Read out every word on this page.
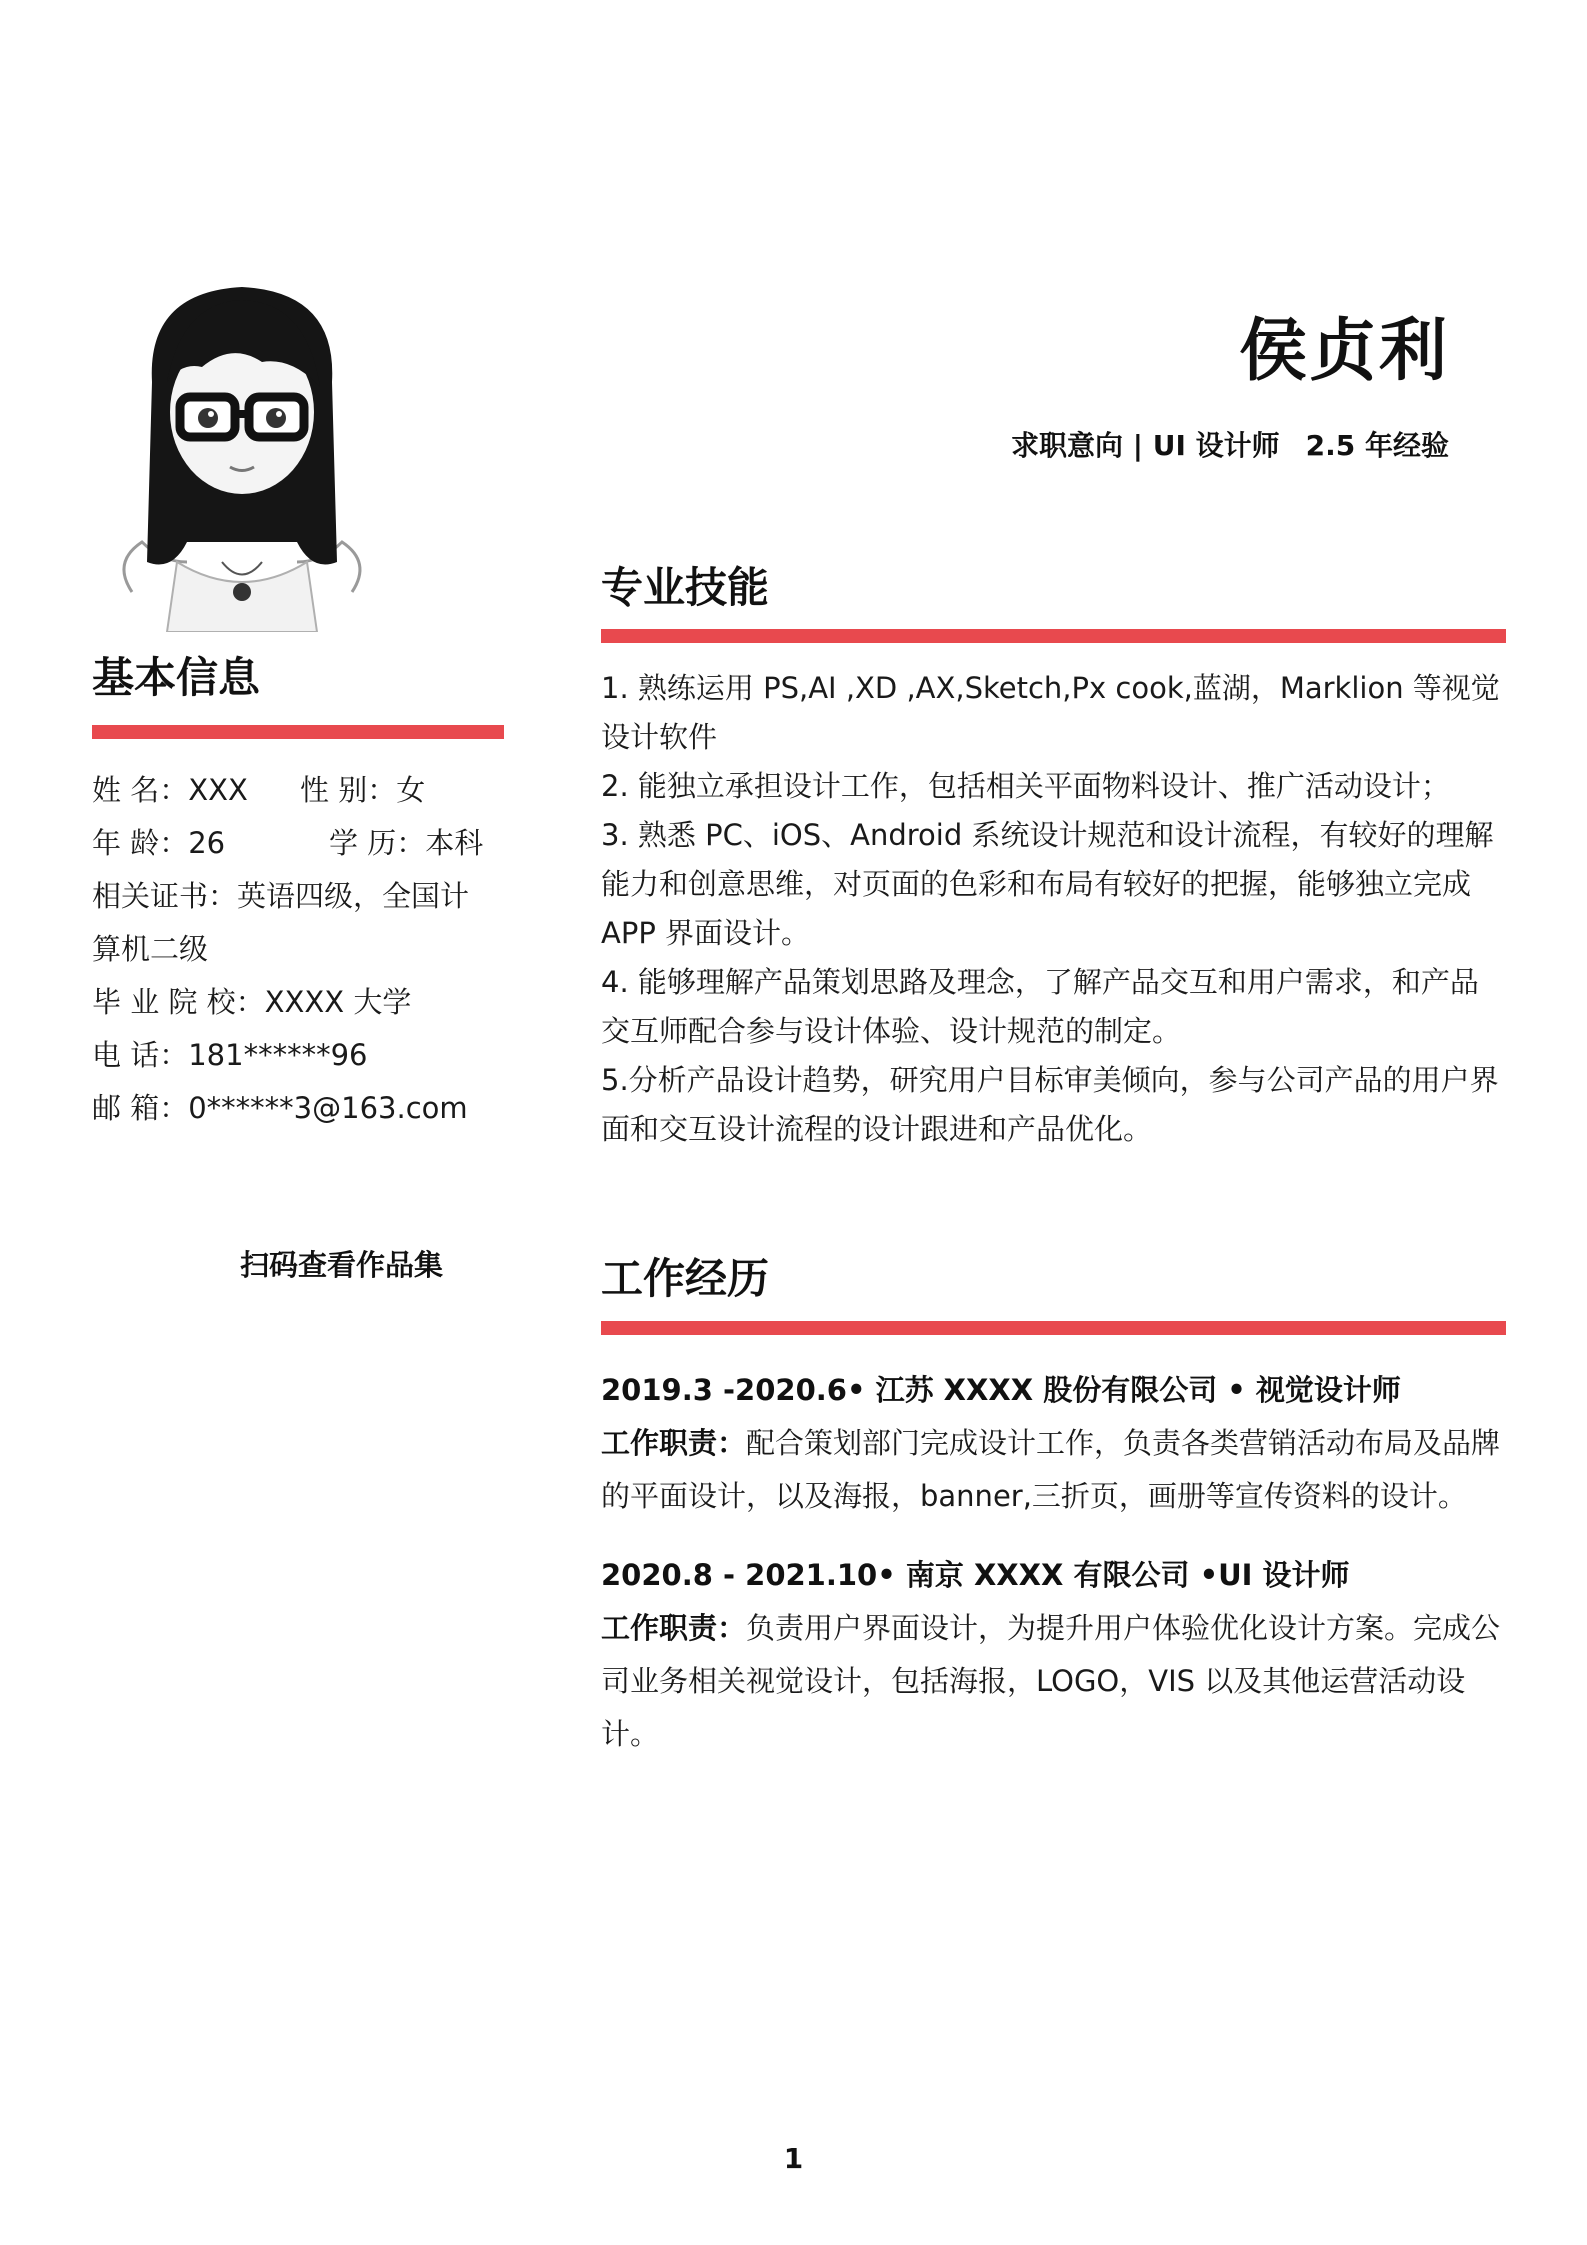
侯贞利
求职意向 | UI 设计师 2.5 年经验
基本信息
姓 名：XXX 性 别：女
年 龄：26	学 历：本科
相关证书：英语四级，全国计算机二级
毕 业 院 校：XXXX 大学
电 话：181******96
邮 箱：0******3@163.com
扫码查看作品集
专业技能

1. 熟练运用 PS,AI ,XD ,AX,Sketch,Px cook,蓝湖，Marklion 等视觉设计软件

2. 能独立承担设计工作，包括相关平面物料设计、推广活动设计；

3. 熟悉 PC、iOS、Android 系统设计规范和设计流程，有较好的理解能力和创意思维，对页面的色彩和布局有较好的把握，能够独立完成 APP 界面设计。

4. 能够理解产品策划思路及理念，了解产品交互和用户需求，和产品交互师配合参与设计体验、设计规范的制定。

5.分析产品设计趋势，研究用户目标审美倾向，参与公司产品的用户界面和交互设计流程的设计跟进和产品优化。

工作经历
2019.3 -2020.6• 江苏 XXXX 股份有限公司 • 视觉设计师
工作职责：配合策划部门完成设计工作，负责各类营销活动布局及品牌的平面设计，以及海报，banner,三折页，画册等宣传资料的设计。
2020.8 - 2021.10• 南京 XXXX 有限公司 •UI 设计师
工作职责：负责用户界面设计，为提升用户体验优化设计方案。完成公司业务相关视觉设计，包括海报，LOGO，VIS 以及其他运营活动设计。
1
